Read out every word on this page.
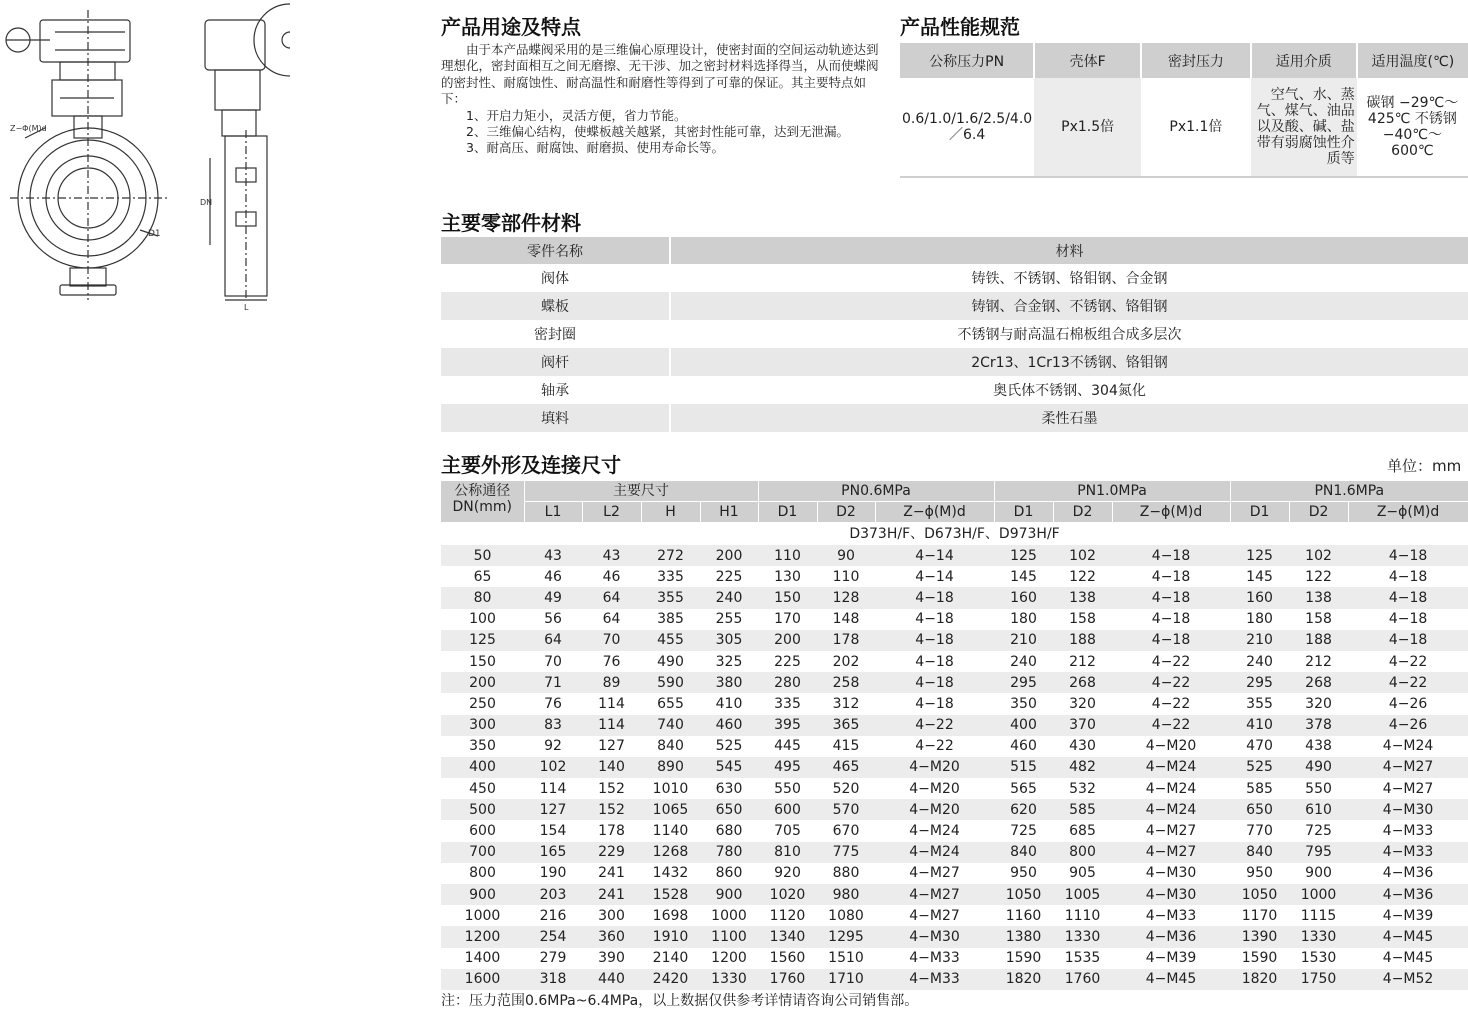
Z−Φ(M)d
D1
DN
L
产品用途及特点

由于本产品蝶阀采用的是三维偏心原理设计，使密封面的空间运动轨迹达到理想化，密封面相互之间无磨擦、无干涉、加之密封材料选择得当，从而使蝶阀的密封性、耐腐蚀性、耐高温性和耐磨性等得到了可靠的保证。其主要特点如下：

1、开启力矩小，灵活方便，省力节能。

2、三维偏心结构，使蝶板越关越紧，其密封性能可靠，达到无泄漏。

3、耐高压、耐腐蚀、耐磨损、使用寿命长等。

产品性能规范
公称压力PN	壳体F	密封压力	适用介质	适用温度(℃)
0.6/1.0/1.6/2.5/4.0／6.4	Px1.5倍	Px1.1倍	空气、水、蒸气、煤气、油品以及酸、碱、盐带有弱腐蚀性介质等	碳钢 −29℃～425℃ 不锈钢 −40℃～600℃
主要零部件材料
零件名称	材料
阀体	铸铁、不锈钢、铬钼钢、合金钢
蝶板	铸钢、合金钢、不锈钢、铬钼钢
密封圈	不锈钢与耐高温石棉板组合成多层次
阀杆	2Cr13、1Cr13不锈钢、铬钼钢
轴承	奥氏体不锈钢、304氮化
填料	柔性石墨
主要外形及连接尺寸	单位：mm
公称通径DN(mm)	主要尺寸				PN0.6MPa			PN1.0MPa			PN1.6MPa		
	L1	L2	H	H1	D1	D2	Z−ϕ(M)d	D1	D2	Z−ϕ(M)d	D1	D2	Z−ϕ(M)d
D373H/F、D673H/F、D973H/F													
50	43	43	272	200	110	90	4−14	125	102	4−18	125	102	4−18
65	46	46	335	225	130	110	4−14	145	122	4−18	145	122	4−18
80	49	64	355	240	150	128	4−18	160	138	4−18	160	138	4−18
100	56	64	385	255	170	148	4−18	180	158	4−18	180	158	4−18
125	64	70	455	305	200	178	4−18	210	188	4−18	210	188	4−18
150	70	76	490	325	225	202	4−18	240	212	4−22	240	212	4−22
200	71	89	590	380	280	258	4−18	295	268	4−22	295	268	4−22
250	76	114	655	410	335	312	4−18	350	320	4−22	355	320	4−26
300	83	114	740	460	395	365	4−22	400	370	4−22	410	378	4−26
350	92	127	840	525	445	415	4−22	460	430	4−M20	470	438	4−M24
400	102	140	890	545	495	465	4−M20	515	482	4−M24	525	490	4−M27
450	114	152	1010	630	550	520	4−M20	565	532	4−M24	585	550	4−M27
500	127	152	1065	650	600	570	4−M20	620	585	4−M24	650	610	4−M30
600	154	178	1140	680	705	670	4−M24	725	685	4−M27	770	725	4−M33
700	165	229	1268	780	810	775	4−M24	840	800	4−M27	840	795	4−M33
800	190	241	1432	860	920	880	4−M27	950	905	4−M30	950	900	4−M36
900	203	241	1528	900	1020	980	4−M27	1050	1005	4−M30	1050	1000	4−M36
1000	216	300	1698	1000	1120	1080	4−M27	1160	1110	4−M33	1170	1115	4−M39
1200	254	360	1910	1100	1340	1295	4−M30	1380	1330	4−M36	1390	1330	4−M45
1400	279	390	2140	1200	1560	1510	4−M33	1590	1535	4−M39	1590	1530	4−M45
1600	318	440	2420	1330	1760	1710	4−M33	1820	1760	4−M45	1820	1750	4−M52
注：压力范围0.6MPa~6.4MPa，以上数据仅供参考详情请咨询公司销售部。
